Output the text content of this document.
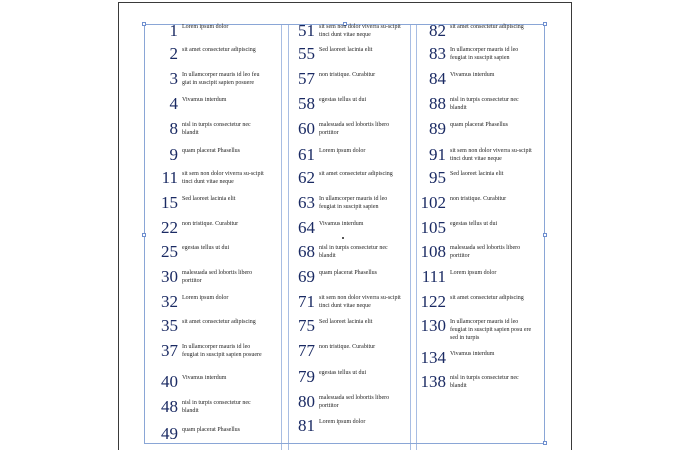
1 Lorem ipsum dolor
2 sit amet consectetur adipiscing
3 In ullamcorper mauris id leo feu giat in suscipit sapien posuere
4 Vivamus interdum
8 nisl in turpis consectetur nec blandit
9 quam placerat Phasellus
11 sit sem non dolor viverra su-scipit tinci dunt vitae neque
15 Sed laoreet lacinia elit
22 non tristique. Curabitur
25 egestas tellus ut dui
30 malesuada sed lobortis libero porttitor
32 Lorem ipsum dolor
35 sit amet consectetur adipiscing
37 In ullamcorper mauris id leo feugiat in suscipit sapien posuere
40 Vivamus interdum
48 nisl in turpis consectetur nec blandit
49 quam placerat Phasellus
51 sit sem non dolor viverra su-scipit tinci dunt vitae neque
55 Sed laoreet lacinia elit
57 non tristique. Curabitur
58 egestas tellus ut dui
60 malesuada sed lobortis libero porttitor
61 Lorem ipsum dolor
62 sit amet consectetur adipiscing
63 In ullamcorper mauris id leo feugiat in suscipit sapien
64 Vivamus interdum
68 nisl in turpis consectetur nec blandit
69 quam placerat Phasellus
71 sit sem non dolor viverra su-scipit tinci dunt vitae neque
75 Sed laoreet lacinia elit
77 non tristique. Curabitur
79 egestas tellus ut dui
80 malesuada sed lobortis libero porttitor
81 Lorem ipsum dolor
82 sit amet consectetur adipiscing
83 In ullamcorper mauris id leo feugiat in suscipit sapien
84 Vivamus interdum
88 nisl in turpis consectetur nec blandit
89 quam placerat Phasellus
91 sit sem non dolor viverra su-scipit tinci dunt vitae neque
95 Sed laoreet lacinia elit
102 non tristique. Curabitur
105 egestas tellus ut dui
108 malesuada sed lobortis libero porttitor
111 Lorem ipsum dolor
122 sit amet consectetur adipiscing
130 In ullamcorper mauris id leo feugiat in suscipit sapien posu ere sed in turpis
134 Vivamus interdum
138 nisl in turpis consectetur nec blandit
